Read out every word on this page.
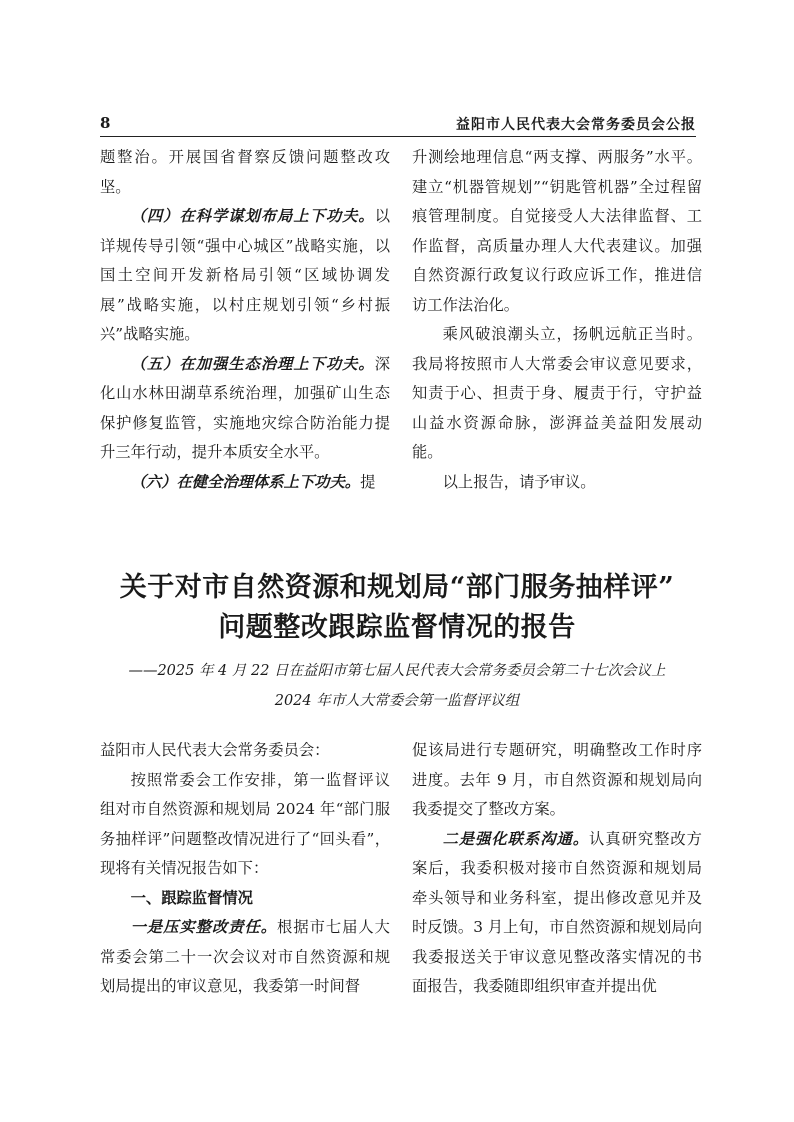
8	益阳市人民代表大会常务委员会公报

题整治。开展国省督察反馈问题整改攻坚。

（四）在科学谋划布局上下功夫。以详规传导引领“强中心城区”战略实施，以国土空间开发新格局引领“区域协调发展”战略实施，以村庄规划引领“乡村振兴”战略实施。

（五）在加强生态治理上下功夫。深化山水林田湖草系统治理，加强矿山生态保护修复监管，实施地灾综合防治能力提升三年行动，提升本质安全水平。

（六）在健全治理体系上下功夫。提

升测绘地理信息“两支撑、两服务”水平。建立“机器管规划”“钥匙管机器”全过程留痕管理制度。自觉接受人大法律监督、工作监督，高质量办理人大代表建议。加强自然资源行政复议行政应诉工作，推进信访工作法治化。

乘风破浪潮头立，扬帆远航正当时。我局将按照市人大常委会审议意见要求，知责于心、担责于身、履责于行，守护益山益水资源命脉，澎湃益美益阳发展动能。

以上报告，请予审议。

关于对市自然资源和规划局“部门服务抽样评”
问题整改跟踪监督情况的报告
——2025 年 4 月 22 日在益阳市第七届人民代表大会常务委员会第二十七次会议上
2024 年市人大常委会第一监督评议组

益阳市人民代表大会常务委员会：

按照常委会工作安排，第一监督评议组对市自然资源和规划局 2024 年“部门服务抽样评”问题整改情况进行了“回头看”，现将有关情况报告如下：

一、跟踪监督情况

一是压实整改责任。根据市七届人大常委会第二十一次会议对市自然资源和规划局提出的审议意见，我委第一时间督

促该局进行专题研究，明确整改工作时序进度。去年 9 月，市自然资源和规划局向我委提交了整改方案。

二是强化联系沟通。认真研究整改方案后，我委积极对接市自然资源和规划局牵头领导和业务科室，提出修改意见并及时反馈。3 月上旬，市自然资源和规划局向我委报送关于审议意见整改落实情况的书面报告，我委随即组织审查并提出优
